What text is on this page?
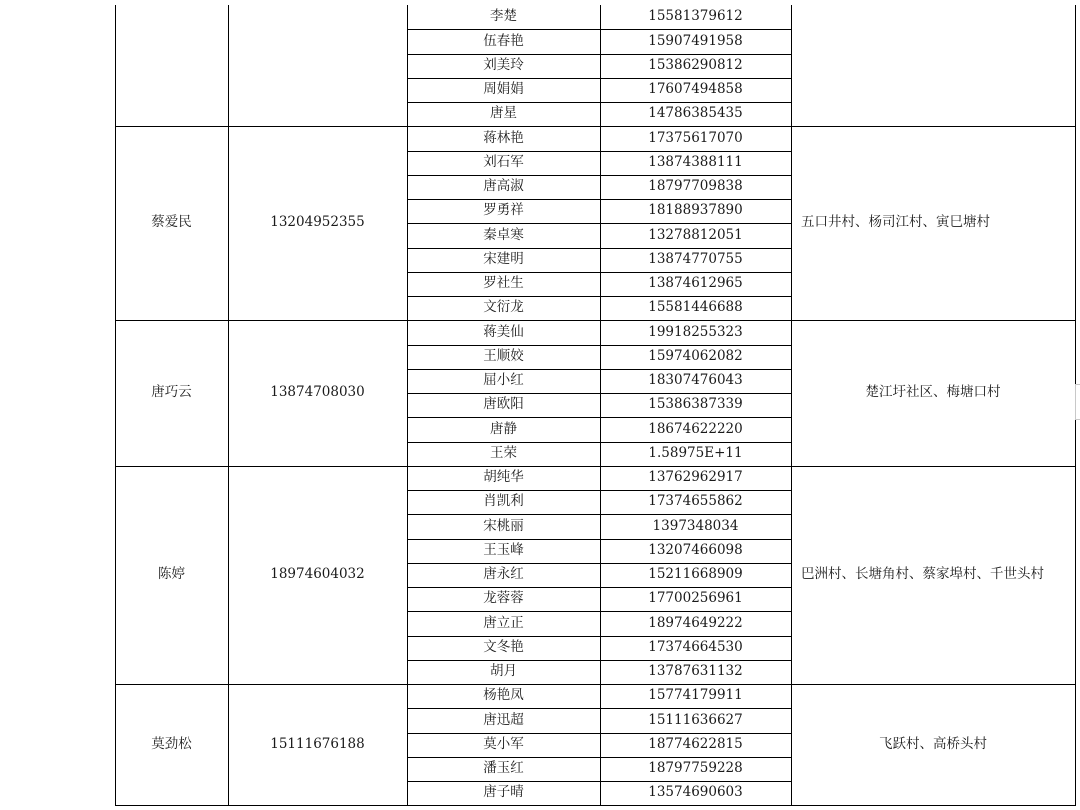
李楚	15581379612
伍春艳	15907491958
刘美玲	15386290812
周娟娟	17607494858
唐星	14786385435
蔡爱民	13204952355	五口井村、杨司江村、寅巳塘村
蒋林艳	17375617070
刘石军	13874388111
唐高淑	18797709838
罗勇祥	18188937890
秦卓寒	13278812051
宋建明	13874770755
罗社生	13874612965
文衍龙	15581446688
唐巧云	13874708030	楚江圩社区、梅塘口村
蒋美仙	19918255323
王顺姣	15974062082
屈小红	18307476043
唐欧阳	15386387339
唐静	18674622220
王荣	1.58975E+11
陈婷	18974604032	巴洲村、长塘角村、蔡家埠村、千世头村
胡纯华	13762962917
肖凯利	17374655862
宋桃丽	1397348034
王玉峰	13207466098
唐永红	15211668909
龙蓉蓉	17700256961
唐立正	18974649222
文冬艳	17374664530
胡月	13787631132
莫劲松	15111676188	飞跃村、高桥头村
杨艳凤	15774179911
唐迅超	15111636627
莫小军	18774622815
潘玉红	18797759228
唐子晴	13574690603
